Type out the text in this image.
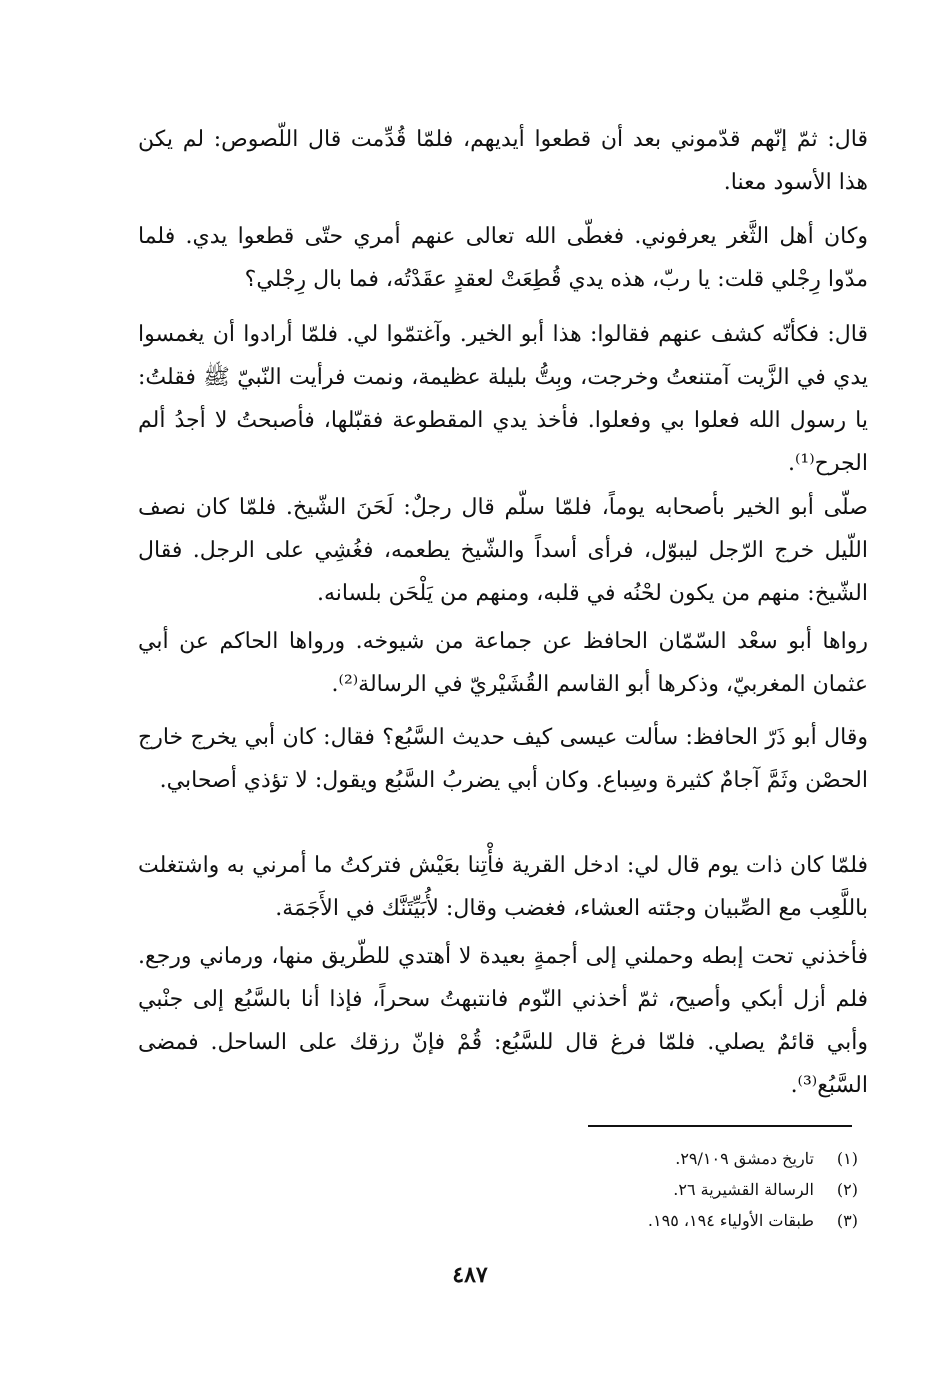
قال: ثمّ إنّهم قدّموني بعد أن قطعوا أيديهم، فلمّا قُدِّمت قال اللّصوص: لم يكن هذا الأسود معنا.

وكان أهل الثَّغر يعرفوني. فغطّى الله تعالى عنهم أمري حتّى قطعوا يدي. فلما مدّوا رِجْلي قلت: يا ربّ، هذه يدي قُطِعَتْ لعقدٍ عقَدْتُه، فما بال رِجْلي؟

قال: فكأنّه كشف عنهم فقالوا: هذا أبو الخير. وآغتمّوا لي. فلمّا أرادوا أن يغمسوا يدي في الزَّيت آمتنعتُ وخرجت، وبِتُّ بليلة عظيمة، ونمت فرأيت النّبيّ ﷺ فقلتُ: يا رسول الله فعلوا بي وفعلوا. فأخذ يدي المقطوعة فقبّلها، فأصبحتُ لا أجدُ ألم الجرح⁽¹⁾.

صلّى أبو الخير بأصحابه يوماً، فلمّا سلّم قال رجلٌ: لَحَنَ الشّيخ. فلمّا كان نصف اللّيل خرج الرّجل ليبوّل، فرأى أسداً والشّيخ يطعمه، فغُشِي على الرجل. فقال الشّيخ: منهم من يكون لحْنُه في قلبه، ومنهم من يَلْحَن بلسانه.

رواها أبو سعْد السّمّان الحافظ عن جماعة من شيوخه. ورواها الحاكم عن أبي عثمان المغربيّ، وذكرها أبو القاسم القُشَيْريّ في الرسالة⁽²⁾.

وقال أبو ذَرّ الحافظ: سألت عيسى كيف حديث السَّبُع؟ فقال: كان أبي يخرج خارج الحصْن وثَمَّ آجامٌ كثيرة وسِباع. وكان أبي يضربُ السَّبُع ويقول: لا تؤذي أصحابي.

فلمّا كان ذات يوم قال لي: ادخل القرية فأْتِنا بعَيْش فتركتُ ما أمرني به واشتغلت باللَّعِب مع الصِّبيان وجئته العشاء، فغضب وقال: لأُبَيِّتَنَّك في الأَجَمَة.

فأخذني تحت إبطه وحملني إلى أجمةٍ بعيدة لا أهتدي للطّريق منها، ورماني ورجع. فلم أزل أبكي وأصيح، ثمّ أخذني النّوم فانتبهتُ سحراً، فإذا أنا بالسَّبُع إلى جنْبي وأبي قائمٌ يصلي. فلمّا فرغ قال للسَّبُع: قُمْ فإنّ رزقك على الساحل. فمضى السَّبُع⁽³⁾.

(١)
تاريخ دمشق ٢٩/١٠٩.
(٢)
الرسالة القشيرية ٢٦.
(٣)
طبقات الأولياء ١٩٤، ١٩٥.
٤٨٧
